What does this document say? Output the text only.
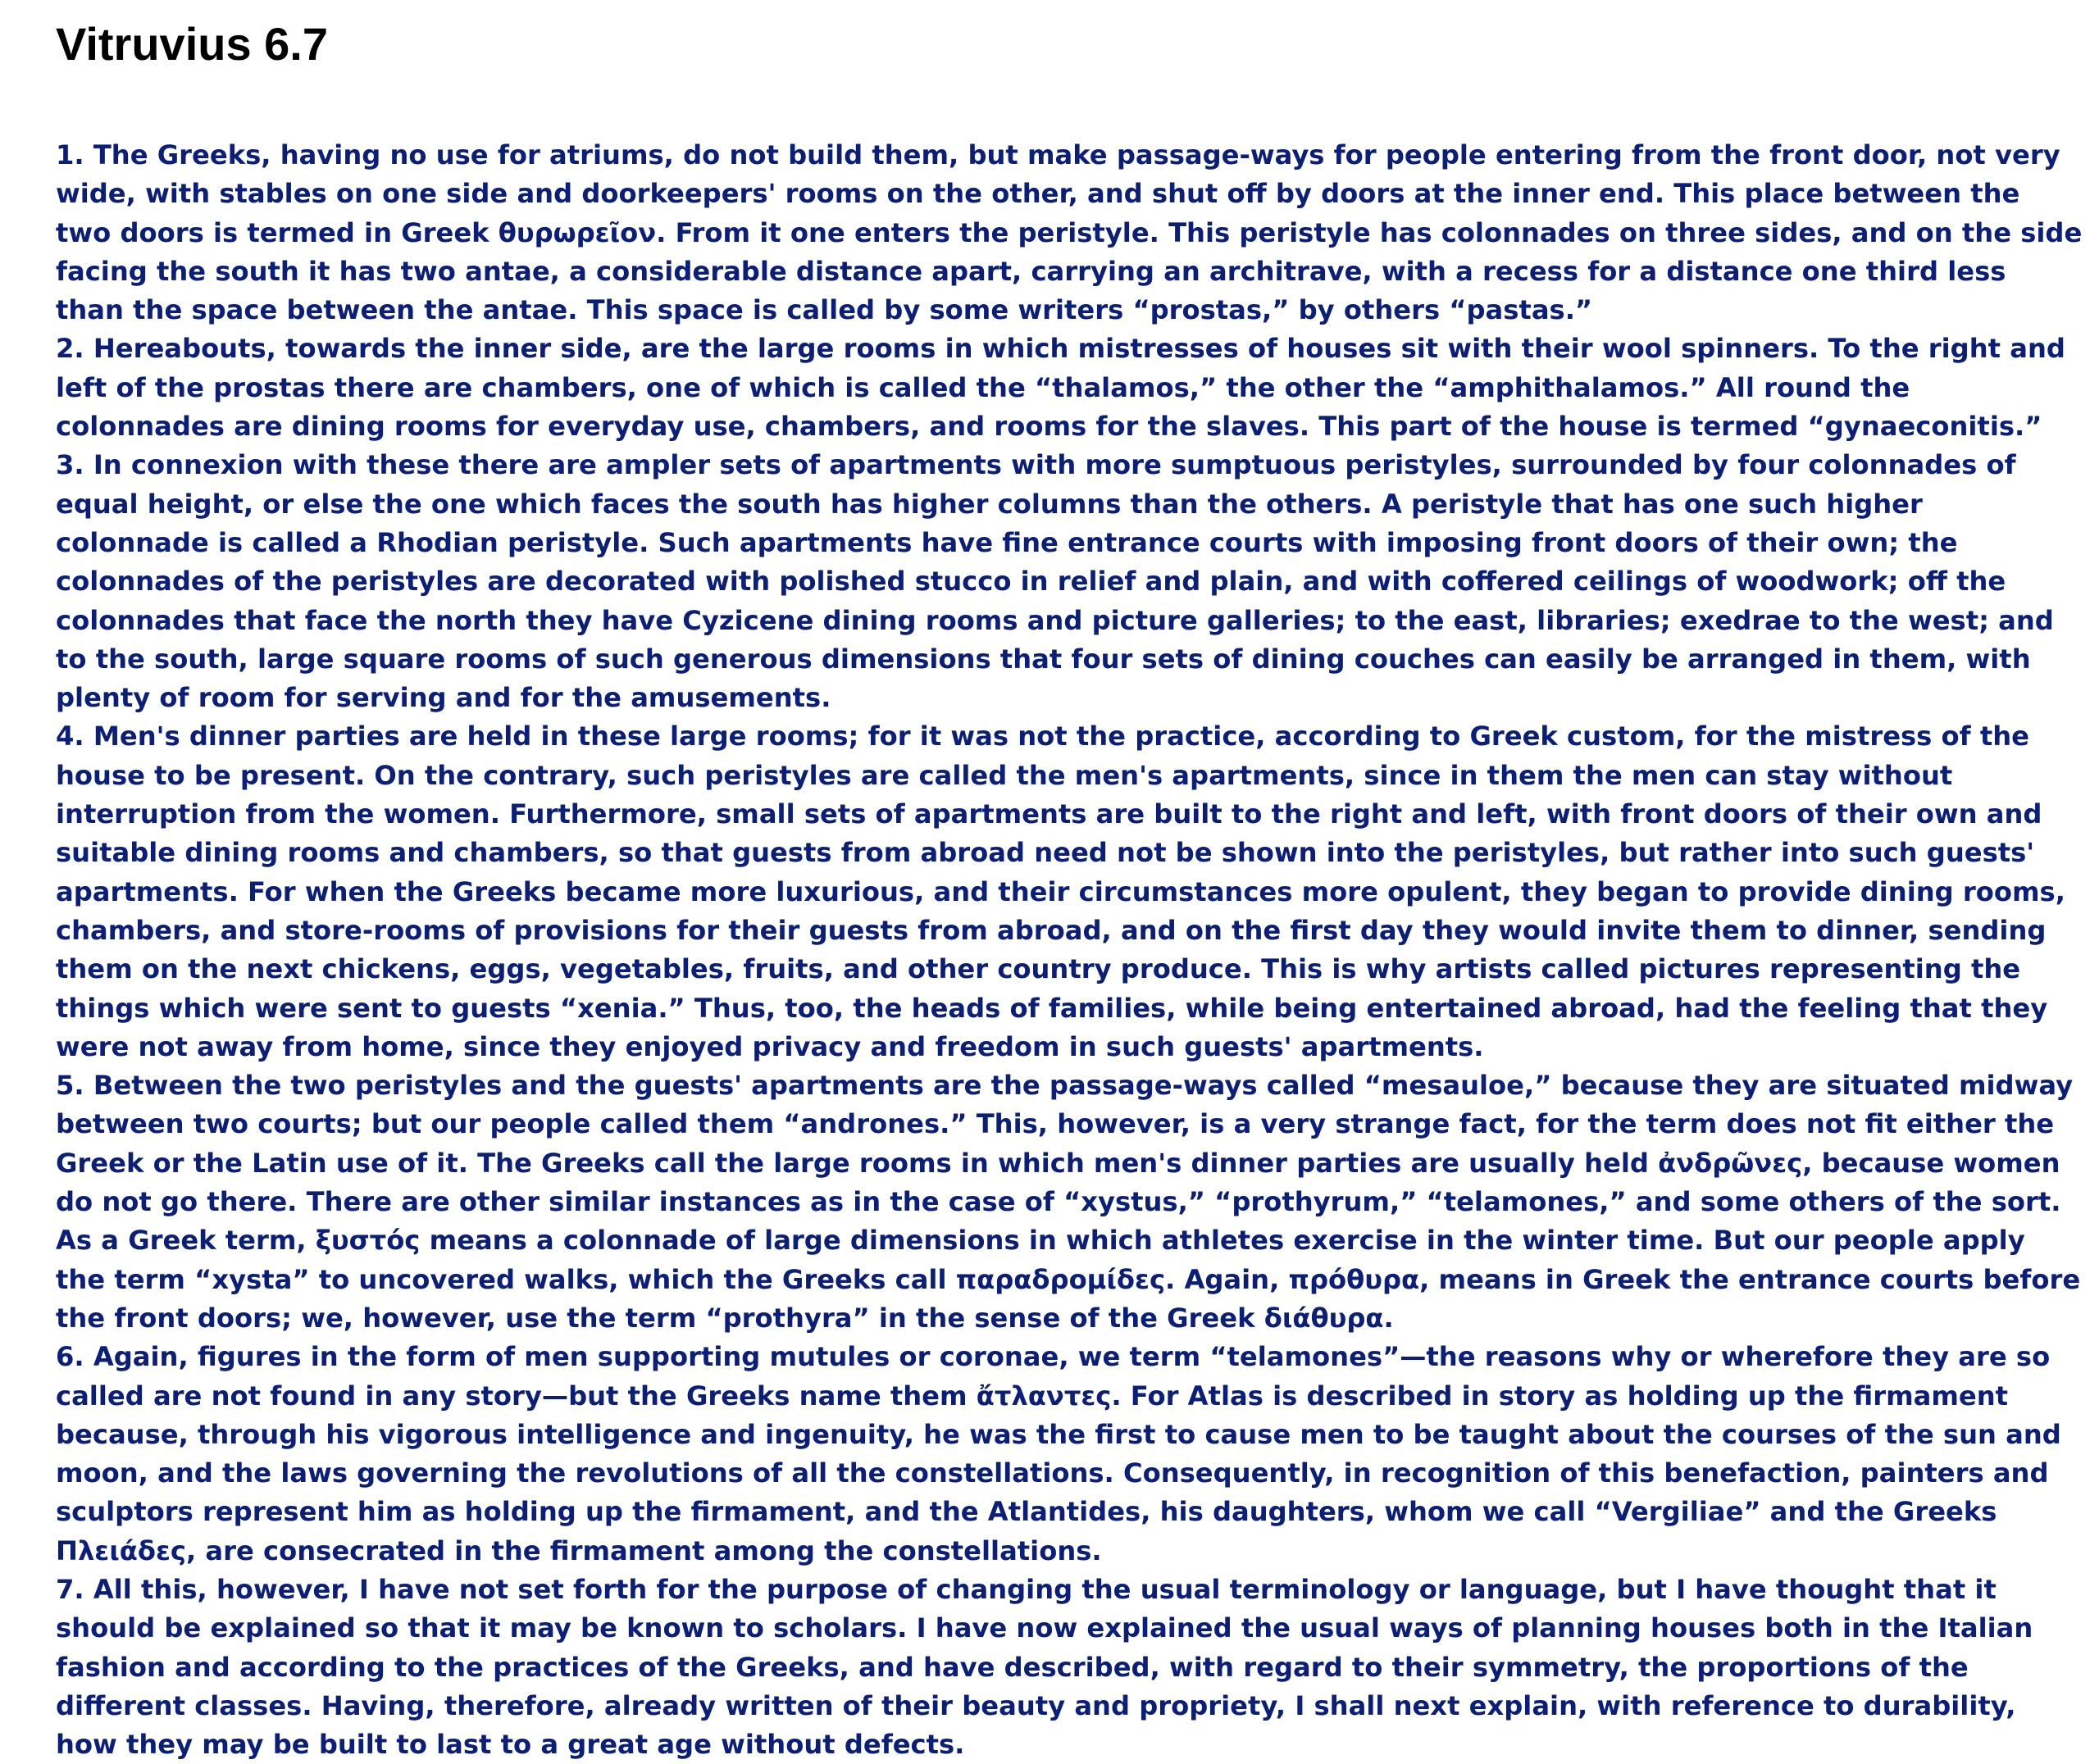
Vitruvius 6.7

1. The Greeks, having no use for atriums, do not build them, but make passage-ways for people entering from the front door, not very wide, with stables on one side and doorkeepers' rooms on the other, and shut off by doors at the inner end. This place between the two doors is termed in Greek θυρωρεῖον. From it one enters the peristyle. This peristyle has colonnades on three sides, and on the side facing the south it has two antae, a considerable distance apart, carrying an architrave, with a recess for a distance one third less than the space between the antae. This space is called by some writers “prostas,” by others “pastas.”

2. Hereabouts, towards the inner side, are the large rooms in which mistresses of houses sit with their wool spinners. To the right and left of the prostas there are chambers, one of which is called the “thalamos,” the other the “amphithalamos.” All round the colonnades are dining rooms for everyday use, chambers, and rooms for the slaves. This part of the house is termed “gynaeconitis.”

3. In connexion with these there are ampler sets of apartments with more sumptuous peristyles, surrounded by four colonnades of equal height, or else the one which faces the south has higher columns than the others. A peristyle that has one such higher colonnade is called a Rhodian peristyle. Such apartments have fine entrance courts with imposing front doors of their own; the colonnades of the peristyles are decorated with polished stucco in relief and plain, and with coffered ceilings of woodwork; off the colonnades that face the north they have Cyzicene dining rooms and picture galleries; to the east, libraries; exedrae to the west; and to the south, large square rooms of such generous dimensions that four sets of dining couches can easily be arranged in them, with plenty of room for serving and for the amusements.

4. Men's dinner parties are held in these large rooms; for it was not the practice, according to Greek custom, for the mistress of the house to be present. On the contrary, such peristyles are called the men's apartments, since in them the men can stay without interruption from the women. Furthermore, small sets of apartments are built to the right and left, with front doors of their own and suitable dining rooms and chambers, so that guests from abroad need not be shown into the peristyles, but rather into such guests' apartments. For when the Greeks became more luxurious, and their circumstances more opulent, they began to provide dining rooms, chambers, and store-rooms of provisions for their guests from abroad, and on the first day they would invite them to dinner, sending them on the next chickens, eggs, vegetables, fruits, and other country produce. This is why artists called pictures representing the things which were sent to guests “xenia.” Thus, too, the heads of families, while being entertained abroad, had the feeling that they were not away from home, since they enjoyed privacy and freedom in such guests' apartments.

5. Between the two peristyles and the guests' apartments are the passage-ways called “mesauloe,” because they are situated midway between two courts; but our people called them “andrones.” This, however, is a very strange fact, for the term does not fit either the Greek or the Latin use of it. The Greeks call the large rooms in which men's dinner parties are usually held ἀνδρῶνες, because women do not go there. There are other similar instances as in the case of “xystus,” “prothyrum,” “telamones,” and some others of the sort. As a Greek term, ξυστός means a colonnade of large dimensions in which athletes exercise in the winter time. But our people apply the term “xysta” to uncovered walks, which the Greeks call παραδρομίδες. Again, πρόθυρα, means in Greek the entrance courts before the front doors; we, however, use the term “prothyra” in the sense of the Greek διάθυρα.

6. Again, figures in the form of men supporting mutules or coronae, we term “telamones”—the reasons why or wherefore they are so called are not found in any story—but the Greeks name them ἄτλαντες. For Atlas is described in story as holding up the firmament because, through his vigorous intelligence and ingenuity, he was the first to cause men to be taught about the courses of the sun and moon, and the laws governing the revolutions of all the constellations. Consequently, in recognition of this benefaction, painters and sculptors represent him as holding up the firmament, and the Atlantides, his daughters, whom we call “Vergiliae” and the Greeks Πλειάδες, are consecrated in the firmament among the constellations.

7. All this, however, I have not set forth for the purpose of changing the usual terminology or language, but I have thought that it should be explained so that it may be known to scholars. I have now explained the usual ways of planning houses both in the Italian fashion and according to the practices of the Greeks, and have described, with regard to their symmetry, the proportions of the different classes. Having, therefore, already written of their beauty and propriety, I shall next explain, with reference to durability, how they may be built to last to a great age without defects.
